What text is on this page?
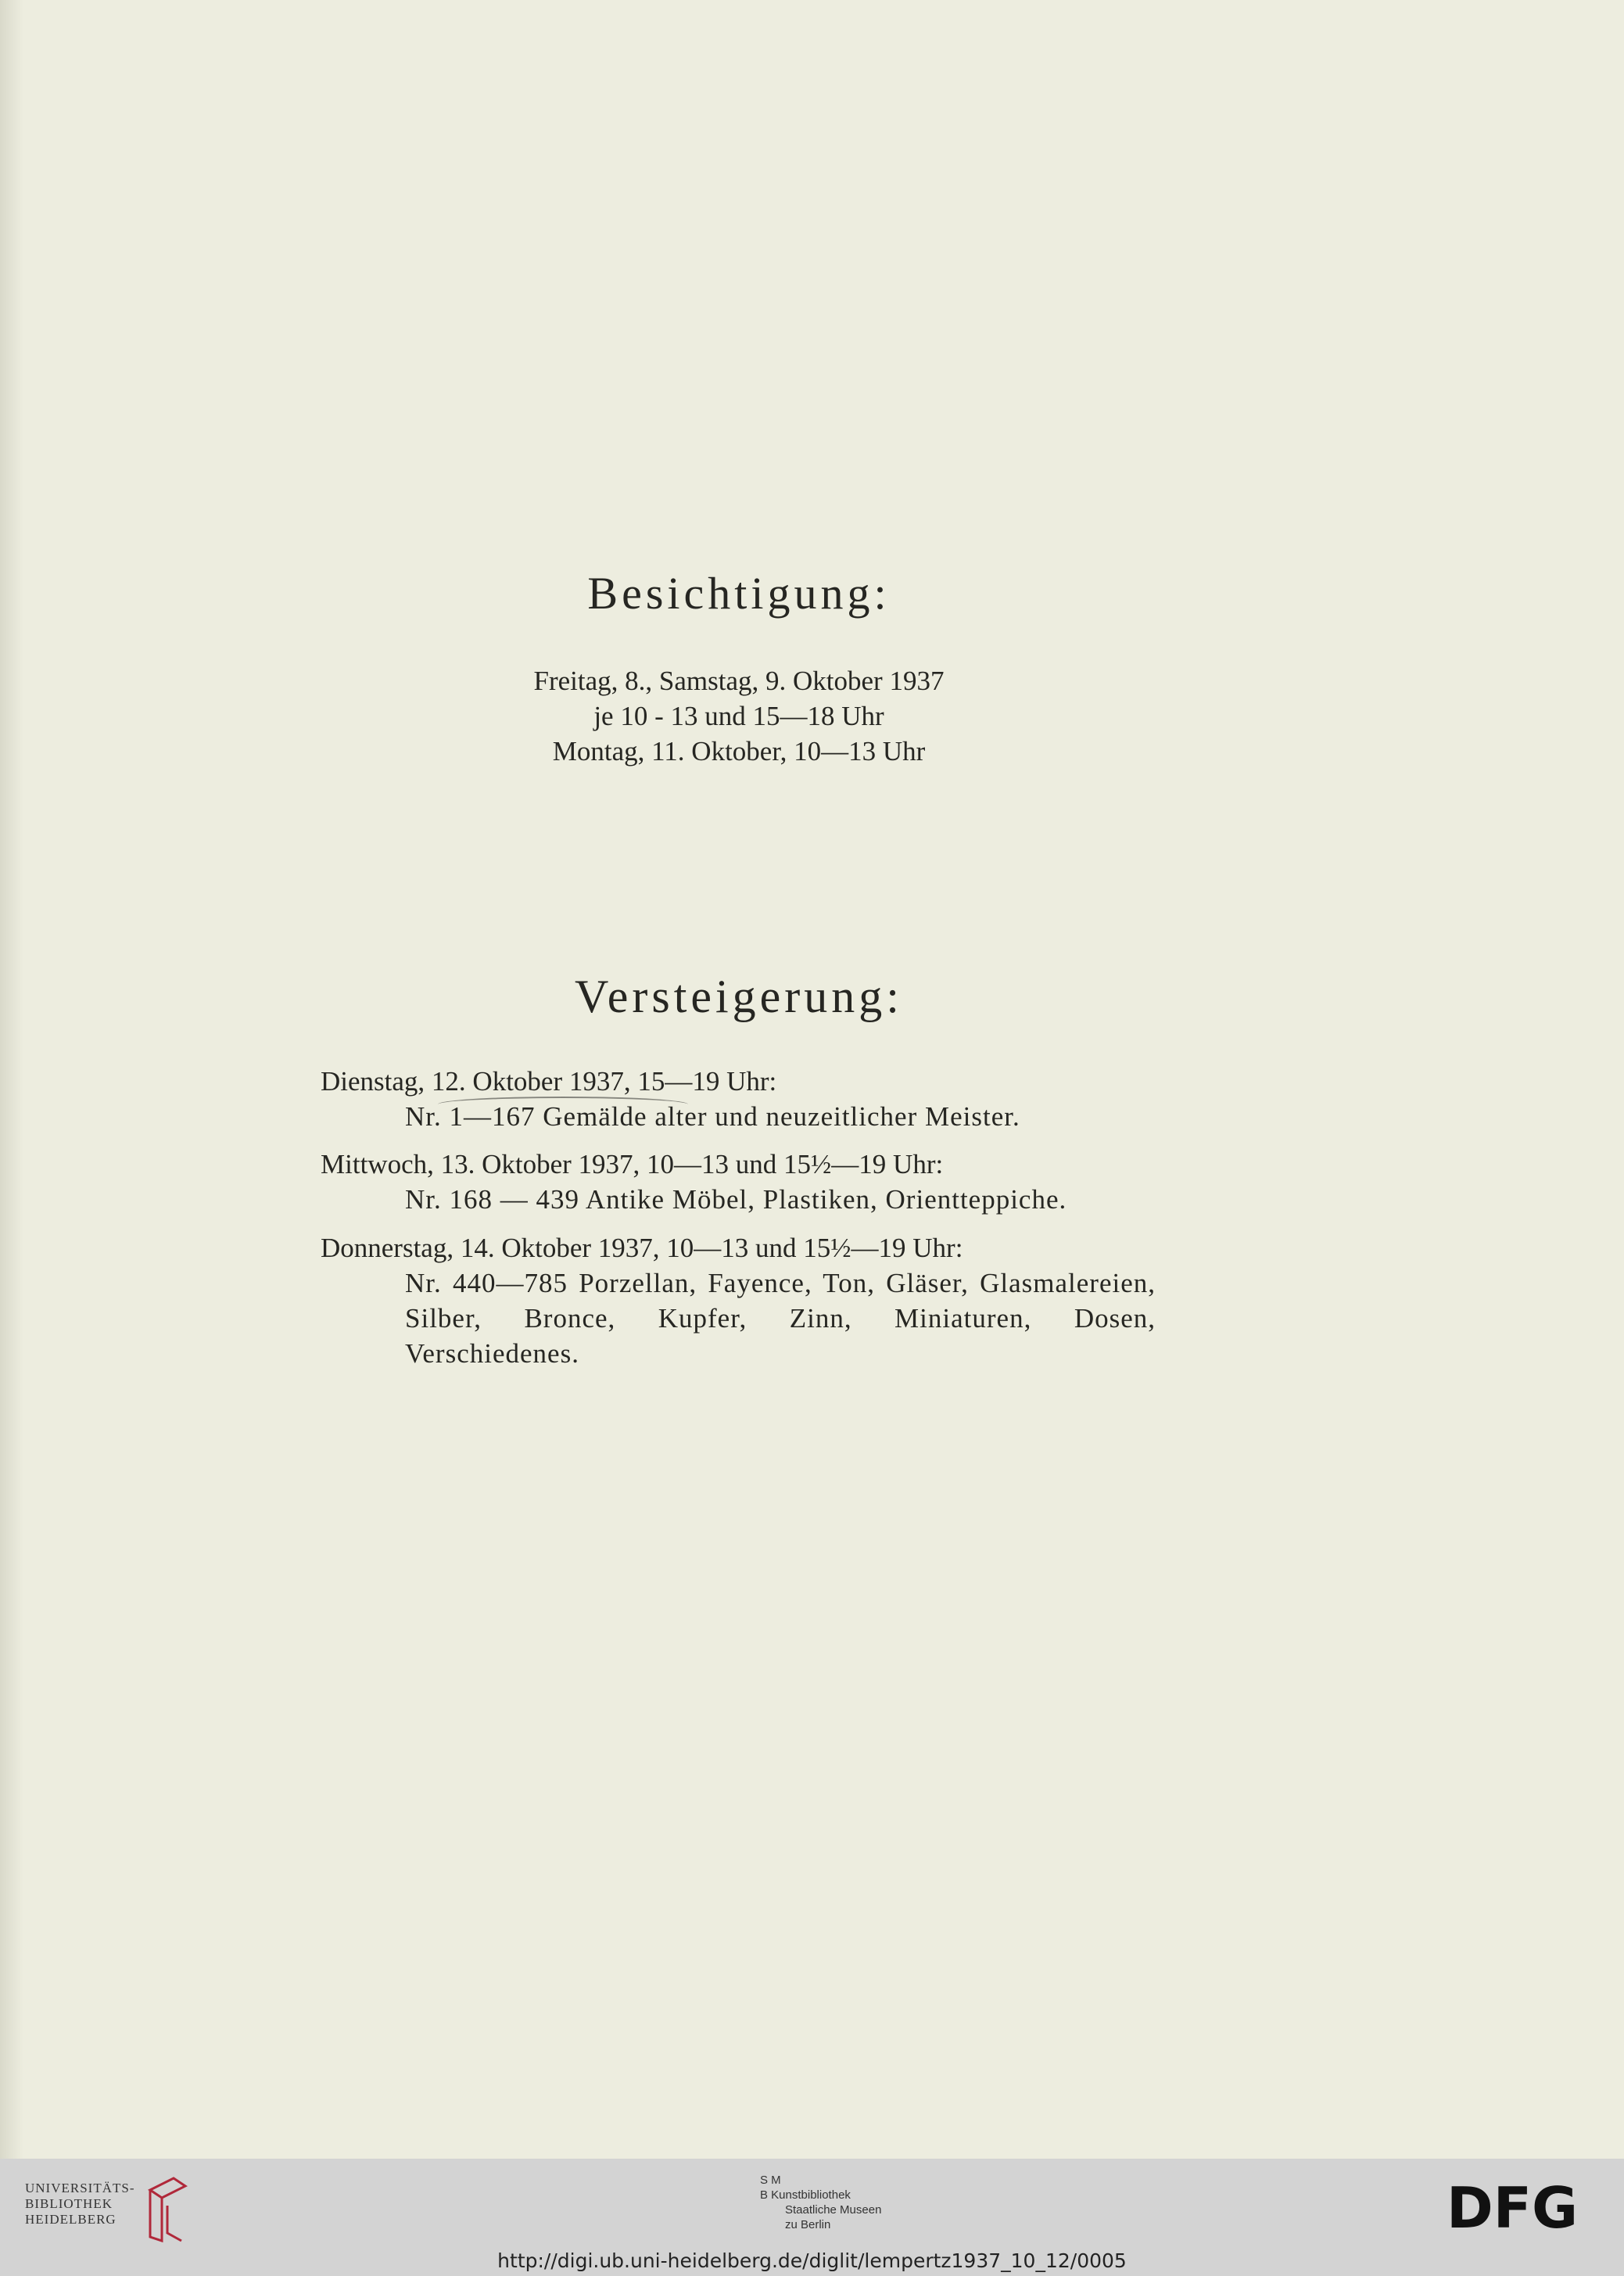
Besichtigung:
Freitag, 8., Samstag, 9. Oktober 1937
je 10 - 13 und 15—18 Uhr
Montag, 11. Oktober, 10—13 Uhr
Versteigerung:
Dienstag, 12. Oktober 1937, 15—19 Uhr:
Nr. 1—167 Gemälde alter und neuzeitlicher Meister.
Mittwoch, 13. Oktober 1937, 10—13 und 15½—19 Uhr:
Nr. 168 — 439 Antike Möbel, Plastiken, Orientteppiche.
Donnerstag, 14. Oktober 1937, 10—13 und 15½—19 Uhr:
Nr. 440—785 Porzellan, Fayence, Ton, Gläser, Glasmalereien, Silber, Bronce, Kupfer, Zinn, Miniaturen, Dosen, Verschiedenes.
UNIVERSITÄTS-
BIBLIOTHEK
HEIDELBERG
S M
B Kunstbibliothek
Staatliche Museen
zu Berlin	DFG
http://digi.ub.uni-heidelberg.de/diglit/lempertz1937_10_12/0005
